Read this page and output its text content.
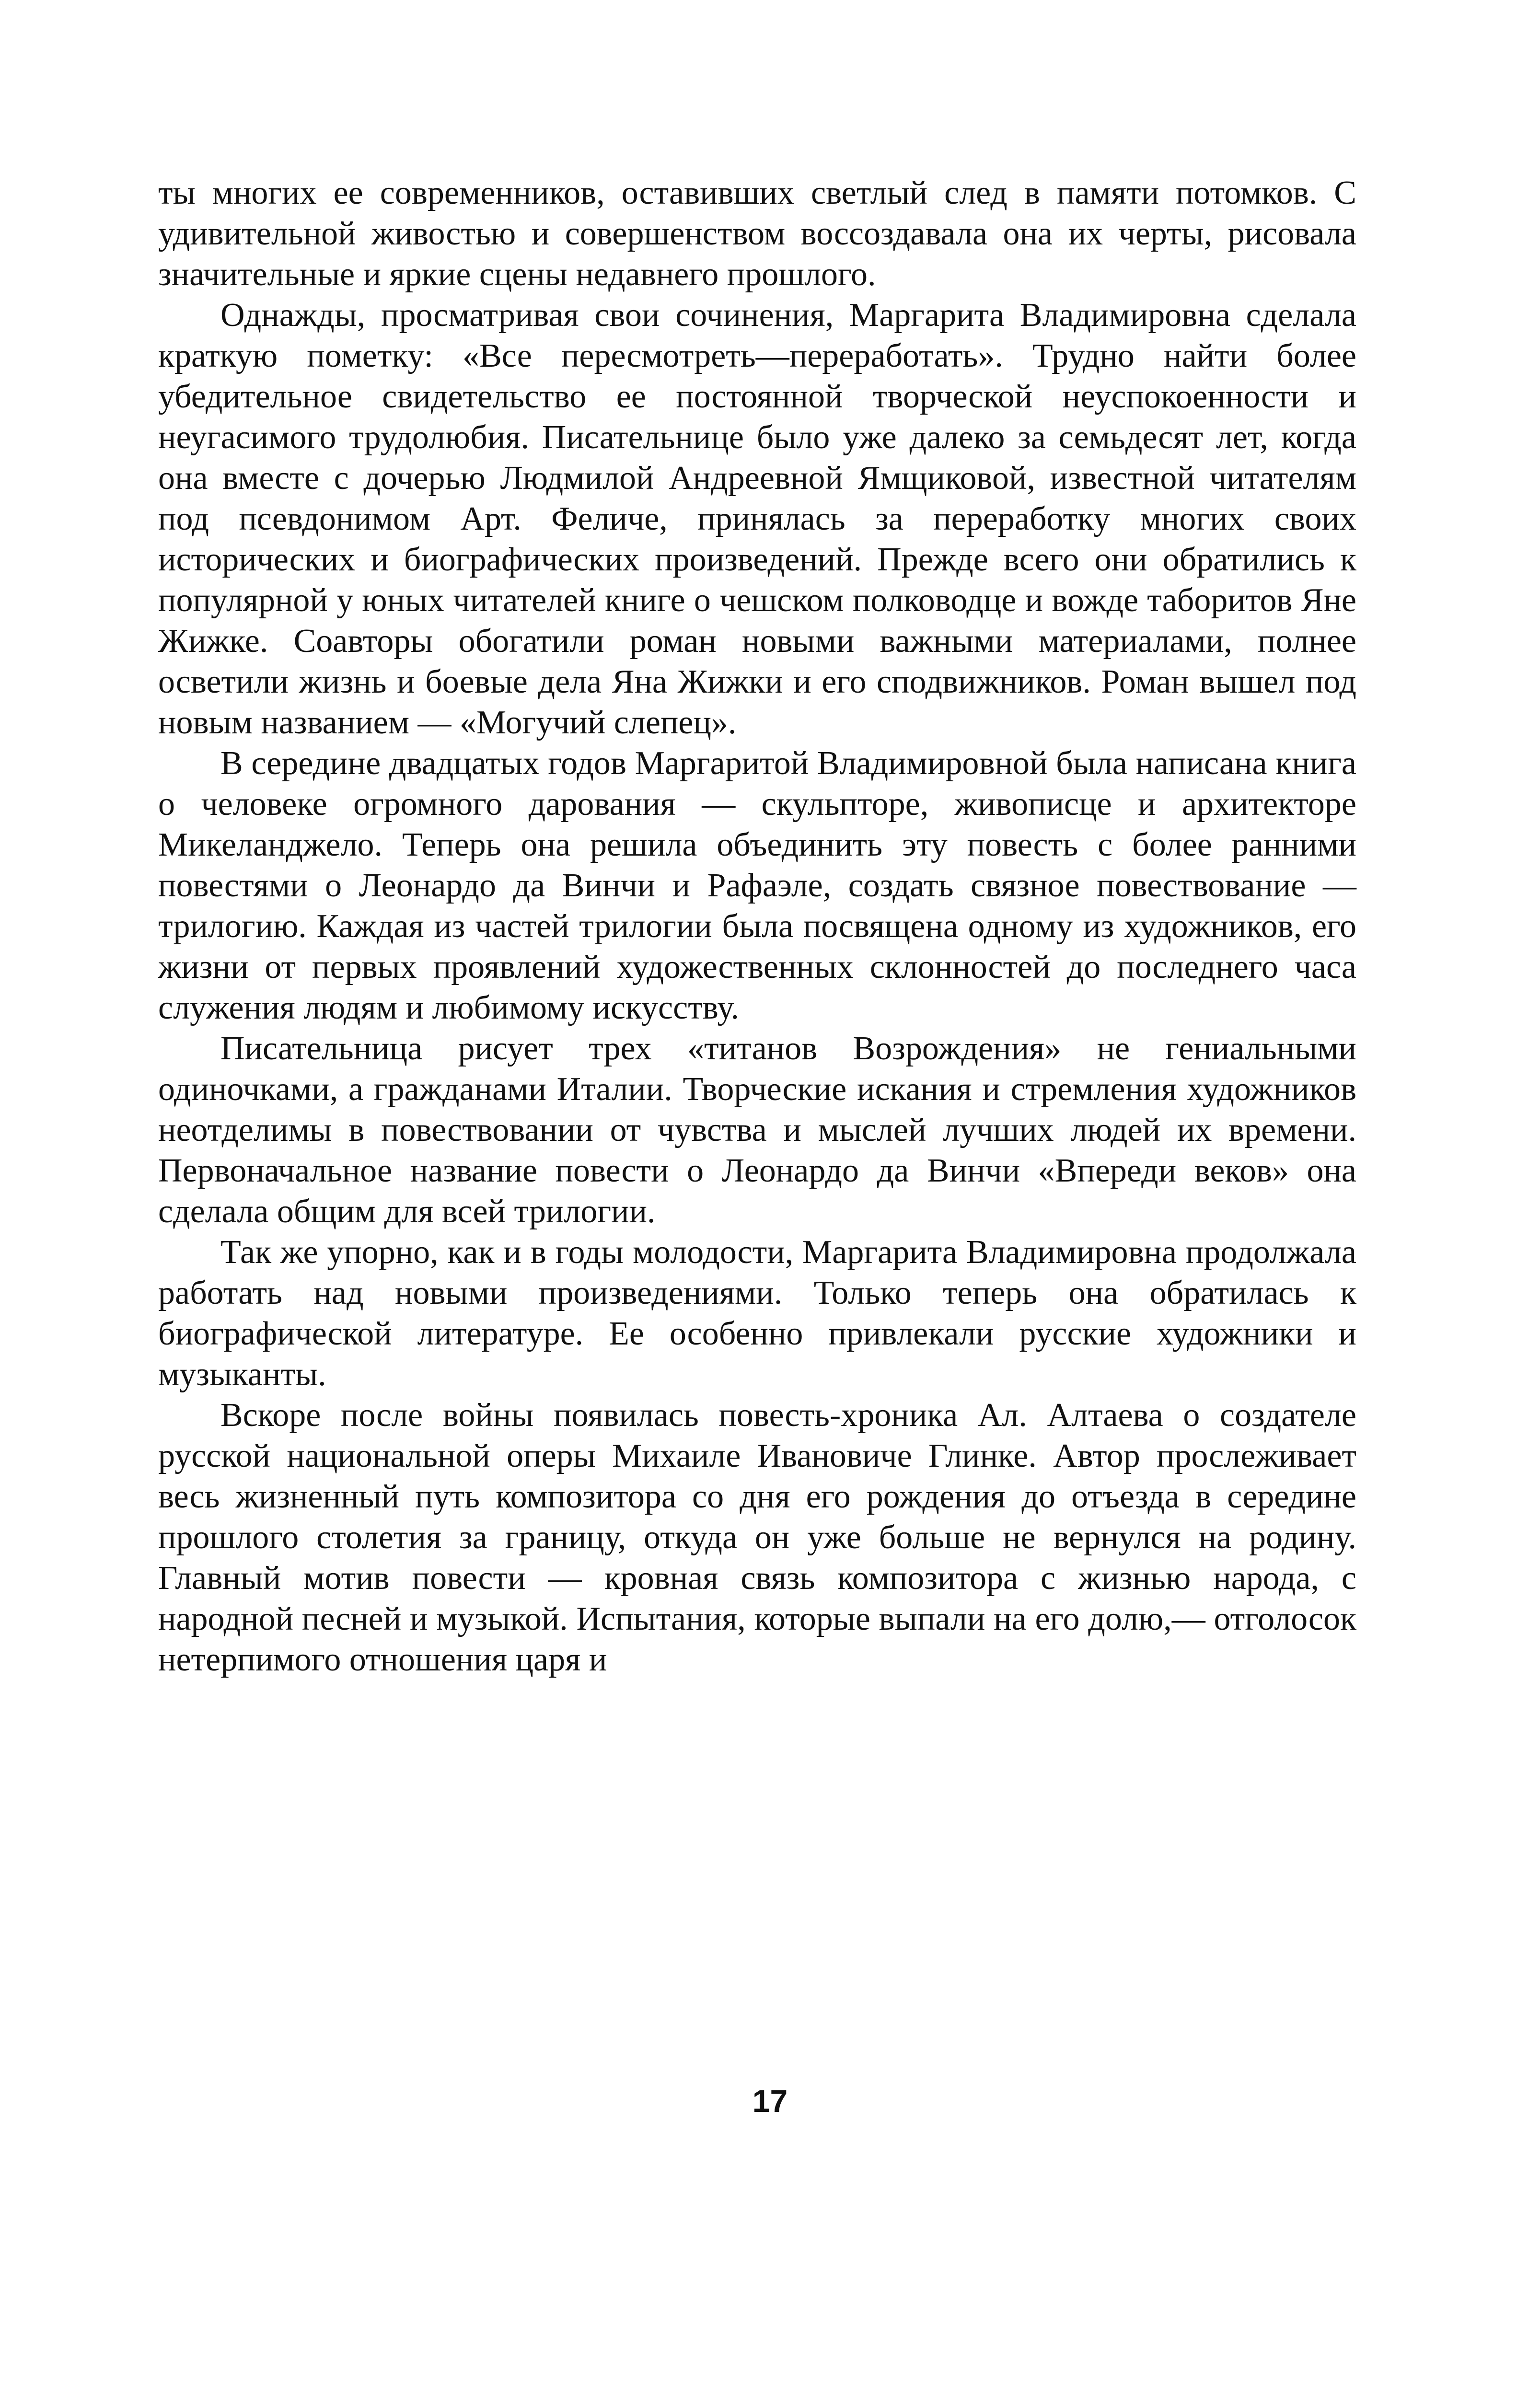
ты многих ее современников, оставивших светлый след в памяти потомков. С удивительной живостью и совершенством воссоздавала она их черты, рисовала значительные и яркие сцены недавнего прошлого.

Однажды, просматривая свои сочинения, Маргарита Владимировна сделала краткую пометку: «Все пересмотреть—переработать». Трудно найти более убедительное свидетельство ее постоянной творческой неуспокоенности и неугасимого трудолюбия. Писательнице было уже далеко за семьдесят лет, когда она вместе с дочерью Людмилой Андреевной Ямщиковой, известной читателям под псевдонимом Арт. Феличе, принялась за переработку многих своих исторических и биографических произведений. Прежде всего они обратились к популярной у юных читателей книге о чешском полководце и вожде таборитов Яне Жижке. Соавторы обогатили роман новыми важными материалами, полнее осветили жизнь и боевые дела Яна Жижки и его сподвижников. Роман вышел под новым названием — «Могучий слепец».

В середине двадцатых годов Маргаритой Владимировной была написана книга о человеке огромного дарования — скульпторе, живописце и архитекторе Микеланджело. Теперь она решила объединить эту повесть с более ранними повестями о Леонардо да Винчи и Рафаэле, создать связное повествование — трилогию. Каждая из частей трилогии была посвящена одному из художников, его жизни от первых проявлений художественных склонностей до последнего часа служения людям и любимому искусству.

Писательница рисует трех «титанов Возрождения» не гениальными одиночками, а гражданами Италии. Творческие искания и стремления художников неотделимы в повествовании от чувства и мыслей лучших людей их времени. Первоначальное название повести о Леонардо да Винчи «Впереди веков» она сделала общим для всей трилогии.

Так же упорно, как и в годы молодости, Маргарита Владимировна продолжала работать над новыми произведениями. Только теперь она обратилась к биографической литературе. Ее особенно привлекали русские художники и музыканты.

Вскоре после войны появилась повесть-хроника Ал. Алтаева о создателе русской национальной оперы Михаиле Ивановиче Глинке. Автор прослеживает весь жизненный путь композитора со дня его рождения до отъезда в середине прошлого столетия за границу, откуда он уже больше не вернулся на родину. Главный мотив повести — кровная связь композитора с жизнью народа, с народной песней и музыкой. Испытания, которые выпали на его долю,— отголосок нетерпимого отношения царя и

17
